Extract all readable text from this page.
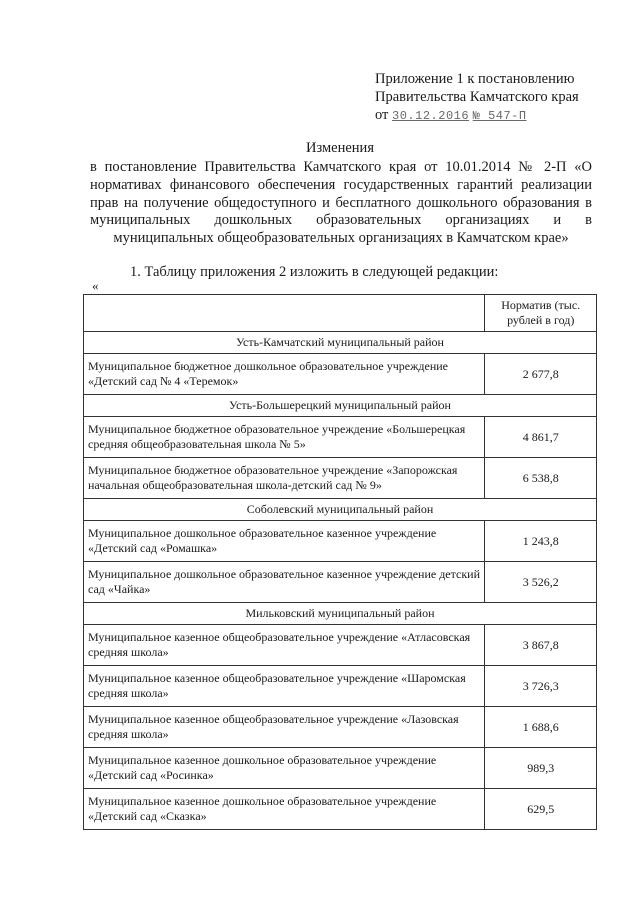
Приложение 1 к постановлению
Правительства Камчатского края
от 30.12.2016 № 547-П
Изменения
в постановление Правительства Камчатского края от 10.01.2014 № 2-П «О нормативах финансового обеспечения государственных гарантий реализации прав на получение общедоступного и бесплатного дошкольного образования в муниципальных дошкольных образовательных организациях и в муниципальных общеобразовательных организациях в Камчатском крае»
1. Таблицу приложения 2 изложить в следующей редакции:
«
	Норматив (тыс. рублей в год)
Усть-Камчатский муниципальный район	
Муниципальное бюджетное дошкольное образовательное учреждение «Детский сад № 4 «Теремок»	2 677,8
Усть-Большерецкий муниципальный район	
Муниципальное бюджетное образовательное учреждение «Большерецкая средняя общеобразовательная школа № 5»	4 861,7
Муниципальное бюджетное образовательное учреждение «Запорожская начальная общеобразовательная школа-детский сад № 9»	6 538,8
Соболевский муниципальный район	
Муниципальное дошкольное образовательное казенное учреждение «Детский сад «Ромашка»	1 243,8
Муниципальное дошкольное образовательное казенное учреждение детский сад «Чайка»	3 526,2
Мильковский муниципальный район	
Муниципальное казенное общеобразовательное учреждение «Атласовская средняя школа»	3 867,8
Муниципальное казенное общеобразовательное учреждение «Шаромская средняя школа»	3 726,3
Муниципальное казенное общеобразовательное учреждение «Лазовская средняя школа»	1 688,6
Муниципальное казенное дошкольное образовательное учреждение «Детский сад «Росинка»	989,3
Муниципальное казенное дошкольное образовательное учреждение «Детский сад «Сказка»	629,5
